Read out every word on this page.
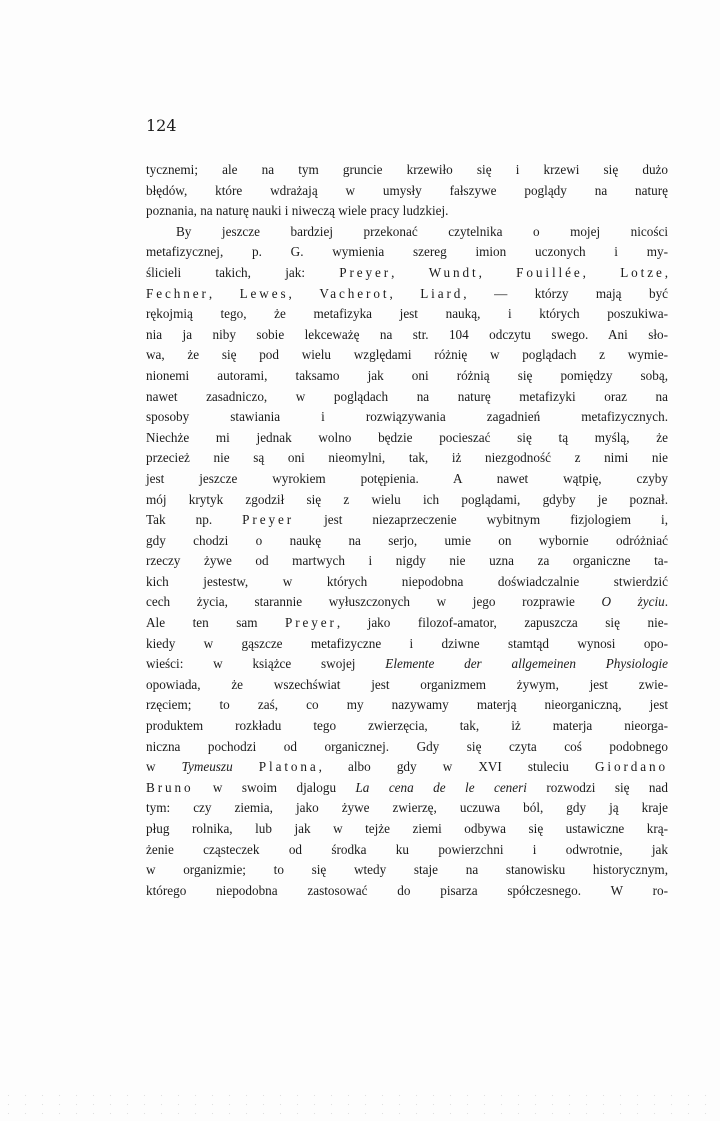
124
tycznemi; ale na tym gruncie krzewiło się i krzewi się dużo
błędów, które wdrażają w umysły fałszywe poglądy na naturę
poznania, na naturę nauki i niweczą wiele pracy ludzkiej.
By jeszcze bardziej przekonać czytelnika o mojej nicości
metafizycznej, p. G. wymienia szereg imion uczonych i my-
ślicieli takich, jak: Preyer, Wundt, Fouillée, Lotze,
Fechner, Lewes, Vacherot, Liard, — którzy mają być
rękojmią tego, że metafizyka jest nauką, i których poszukiwa-
nia ja niby sobie lekceważę na str. 104 odczytu swego. Ani sło-
wa, że się pod wielu względami różnię w poglądach z wymie-
nionemi autorami, taksamo jak oni różnią się pomiędzy sobą,
nawet zasadniczo, w poglądach na naturę metafizyki oraz na
sposoby stawiania i rozwiązywania zagadnień metafizycznych.
Niechże mi jednak wolno będzie pocieszać się tą myślą, że
przecież nie są oni nieomylni, tak, iż niezgodność z nimi nie
jest jeszcze wyrokiem potępienia. A nawet wątpię, czyby
mój krytyk zgodził się z wielu ich poglądami, gdyby je poznał.
Tak np. Preyer jest niezaprzeczenie wybitnym fizjologiem i,
gdy chodzi o naukę na serjo, umie on wybornie odróżniać
rzeczy żywe od martwych i nigdy nie uzna za organiczne ta-
kich jestestw, w których niepodobna doświadczalnie stwierdzić
cech życia, starannie wyłuszczonych w jego rozprawie O życiu.
Ale ten sam Preyer, jako filozof-amator, zapuszcza się nie-
kiedy w gąszcze metafizyczne i dziwne stamtąd wynosi opo-
wieści: w książce swojej Elemente der allgemeinen Physiologie
opowiada, że wszechświat jest organizmem żywym, jest zwie-
rzęciem; to zaś, co my nazywamy materją nieorganiczną, jest
produktem rozkładu tego zwierzęcia, tak, iż materja nieorga-
niczna pochodzi od organicznej. Gdy się czyta coś podobnego
w Tymeuszu Platona, albo gdy w XVI stuleciu Giordano
Bruno w swoim djalogu La cena de le ceneri rozwodzi się nad
tym: czy ziemia, jako żywe zwierzę, uczuwa ból, gdy ją kraje
pług rolnika, lub jak w tejże ziemi odbywa się ustawiczne krą-
żenie cząsteczek od środka ku powierzchni i odwrotnie, jak
w organizmie; to się wtedy staje na stanowisku historycznym,
którego niepodobna zastosować do pisarza spółczesnego. W ro-
